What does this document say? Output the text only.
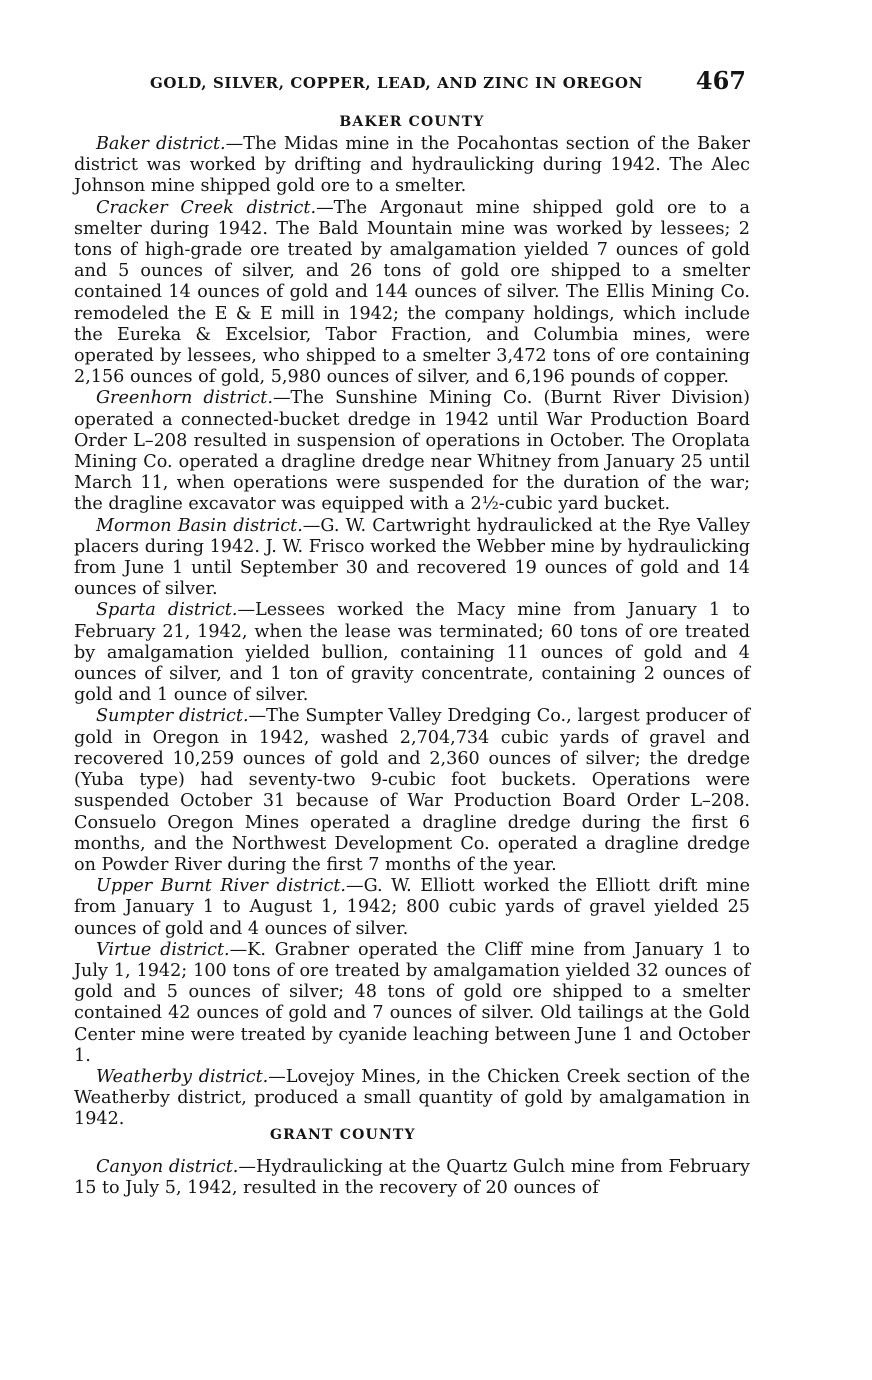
GOLD, SILVER, COPPER, LEAD, AND ZINC IN OREGON 467
BAKER COUNTY

Baker district.—The Midas mine in the Pocahontas section of the Baker district was worked by drifting and hydraulicking during 1942. The Alec Johnson mine shipped gold ore to a smelter.

Cracker Creek district.—The Argonaut mine shipped gold ore to a smelter during 1942. The Bald Mountain mine was worked by lessees; 2 tons of high-grade ore treated by amalgamation yielded 7 ounces of gold and 5 ounces of silver, and 26 tons of gold ore shipped to a smelter contained 14 ounces of gold and 144 ounces of silver. The Ellis Mining Co. remodeled the E & E mill in 1942; the company holdings, which include the Eureka & Excelsior, Tabor Fraction, and Columbia mines, were operated by lessees, who shipped to a smelter 3,472 tons of ore containing 2,156 ounces of gold, 5,980 ounces of silver, and 6,196 pounds of copper.

Greenhorn district.—The Sunshine Mining Co. (Burnt River Division) operated a connected-bucket dredge in 1942 until War Production Board Order L–208 resulted in suspension of operations in October. The Oroplata Mining Co. operated a dragline dredge near Whitney from January 25 until March 11, when operations were suspended for the duration of the war; the dragline excavator was equipped with a 2½-cubic yard bucket.

Mormon Basin district.—G. W. Cartwright hydraulicked at the Rye Valley placers during 1942. J. W. Frisco worked the Webber mine by hydraulicking from June 1 until September 30 and recovered 19 ounces of gold and 14 ounces of silver.

Sparta district.—Lessees worked the Macy mine from January 1 to February 21, 1942, when the lease was terminated; 60 tons of ore treated by amalgamation yielded bullion, containing 11 ounces of gold and 4 ounces of silver, and 1 ton of gravity concentrate, containing 2 ounces of gold and 1 ounce of silver.

Sumpter district.—The Sumpter Valley Dredging Co., largest producer of gold in Oregon in 1942, washed 2,704,734 cubic yards of gravel and recovered 10,259 ounces of gold and 2,360 ounces of silver; the dredge (Yuba type) had seventy-two 9-cubic foot buckets. Operations were suspended October 31 because of War Production Board Order L–208. Consuelo Oregon Mines operated a dragline dredge during the first 6 months, and the Northwest Development Co. operated a dragline dredge on Powder River during the first 7 months of the year.

Upper Burnt River district.—G. W. Elliott worked the Elliott drift mine from January 1 to August 1, 1942; 800 cubic yards of gravel yielded 25 ounces of gold and 4 ounces of silver.

Virtue district.—K. Grabner operated the Cliff mine from January 1 to July 1, 1942; 100 tons of ore treated by amalgamation yielded 32 ounces of gold and 5 ounces of silver; 48 tons of gold ore shipped to a smelter contained 42 ounces of gold and 7 ounces of silver. Old tailings at the Gold Center mine were treated by cyanide leaching between June 1 and October 1.

Weatherby district.—Lovejoy Mines, in the Chicken Creek section of the Weatherby district, produced a small quantity of gold by amalgamation in 1942.

GRANT COUNTY

Canyon district.—Hydraulicking at the Quartz Gulch mine from February 15 to July 5, 1942, resulted in the recovery of 20 ounces of
